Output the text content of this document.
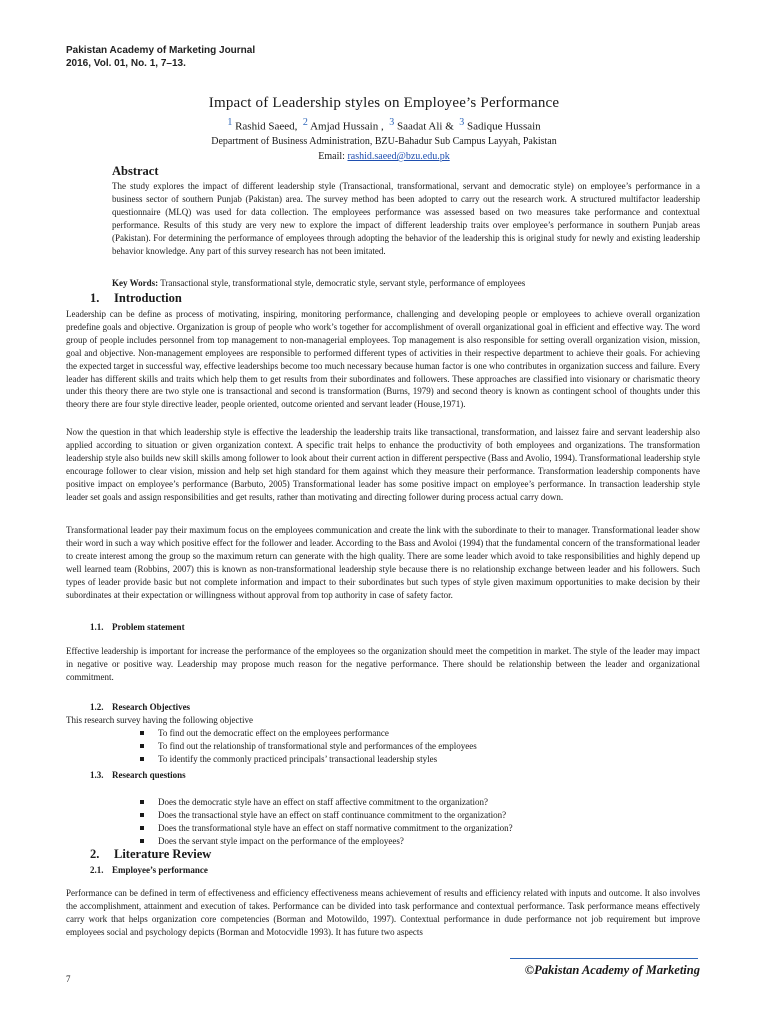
Pakistan Academy of Marketing Journal
2016, Vol. 01, No. 1, 7–13.
Impact of Leadership styles on Employee’s Performance
$^1$ Rashid Saeed, $^2$ Amjad Hussain , $^3$ Saadat Ali & $^3$ Sadique Hussain
Department of Business Administration, BZU-Bahadur Sub Campus Layyah, Pakistan
Email: rashid.saeed@bzu.edu.pk
Abstract
The study explores the impact of different leadership style (Transactional, transformational, servant and democratic style) on employee’s performance in a business sector of southern Punjab (Pakistan) area. The survey method has been adopted to carry out the research work. A structured multifactor leadership questionnaire (MLQ) was used for data collection. The employees performance was assessed based on two measures take performance and contextual performance. Results of this study are very new to explore the impact of different leadership traits over employee’s performance in southern Punjab areas (Pakistan). For determining the performance of employees through adopting the behavior of the leadership this is original study for newly and existing leadership behavior knowledge. Any part of this survey research has not been imitated.
Key Words: Transactional style, transformational style, democratic style, servant style, performance of employees
1. Introduction
Leadership can be define as process of motivating, inspiring, monitoring performance, challenging and developing people or employees to achieve overall organization predefine goals and objective. Organization is group of people who work’s together for accomplishment of overall organizational goal in efficient and effective way. The word group of people includes personnel from top management to non-managerial employees. Top management is also responsible for setting overall organization vision, mission, goal and objective. Non-management employees are responsible to performed different types of activities in their respective department to achieve their goals. For achieving the expected target in successful way, effective leaderships become too much necessary because human factor is one who contributes in organization success and failure. Every leader has different skills and traits which help them to get results from their subordinates and followers. These approaches are classified into visionary or charismatic theory under this theory there are two style one is transactional and second is transformation (Burns, 1979) and second theory is known as contingent school of thoughts under this theory there are four style directive leader, people oriented, outcome oriented and servant leader (House,1971).
Now the question in that which leadership style is effective the leadership the leadership traits like transactional, transformation, and laissez faire and servant leadership also applied according to situation or given organization context. A specific trait helps to enhance the productivity of both employees and organizations. The transformation leadership style also builds new skill skills among follower to look about their current action in different perspective (Bass and Avolio, 1994). Transformational leadership style encourage follower to clear vision, mission and help set high standard for them against which they measure their performance. Transformation leadership components have positive impact on employee’s performance (Barbuto, 2005) Transformational leader has some positive impact on employee’s performance. In transaction leadership style leader set goals and assign responsibilities and get results, rather than motivating and directing follower during process actual carry down.
Transformational leader pay their maximum focus on the employees communication and create the link with the subordinate to their to manager. Transformational leader show their word in such a way which positive effect for the follower and leader. According to the Bass and Avoloi (1994) that the fundamental concern of the transformational leader to create interest among the group so the maximum return can generate with the high quality. There are some leader which avoid to take responsibilities and highly depend up well learned team (Robbins, 2007) this is known as non-transformational leadership style because there is no relationship exchange between leader and his followers. Such types of leader provide basic but not complete information and impact to their subordinates but such types of style given maximum opportunities to make decision by their subordinates at their expectation or willingness without approval from top authority in case of safety factor.
1.1. Problem statement
Effective leadership is important for increase the performance of the employees so the organization should meet the competition in market. The style of the leader may impact in negative or positive way. Leadership may propose much reason for the negative performance. There should be relationship between the leader and organizational commitment.
1.2. Research Objectives
This research survey having the following objective
To find out the democratic effect on the employees performance
To find out the relationship of transformational style and performances of the employees
To identify the commonly practiced principals’ transactional leadership styles
1.3. Research questions
Does the democratic style have an effect on staff affective commitment to the organization?
Does the transactional style have an effect on staff continuance commitment to the organization?
Does the transformational style have an effect on staff normative commitment to the organization?
Does the servant style impact on the performance of the employees?
2. Literature Review
2.1. Employee’s performance
Performance can be defined in term of effectiveness and efficiency effectiveness means achievement of results and efficiency related with inputs and outcome. It also involves the accomplishment, attainment and execution of takes. Performance can be divided into task performance and contextual performance. Task performance means effectively carry work that helps organization core competencies (Borman and Motowildo, 1997). Contextual performance in dude performance not job requirement but improve employees social and psychology depicts (Borman and Motocvidle 1993). It has future two aspects
©Pakistan Academy of Marketing
7
